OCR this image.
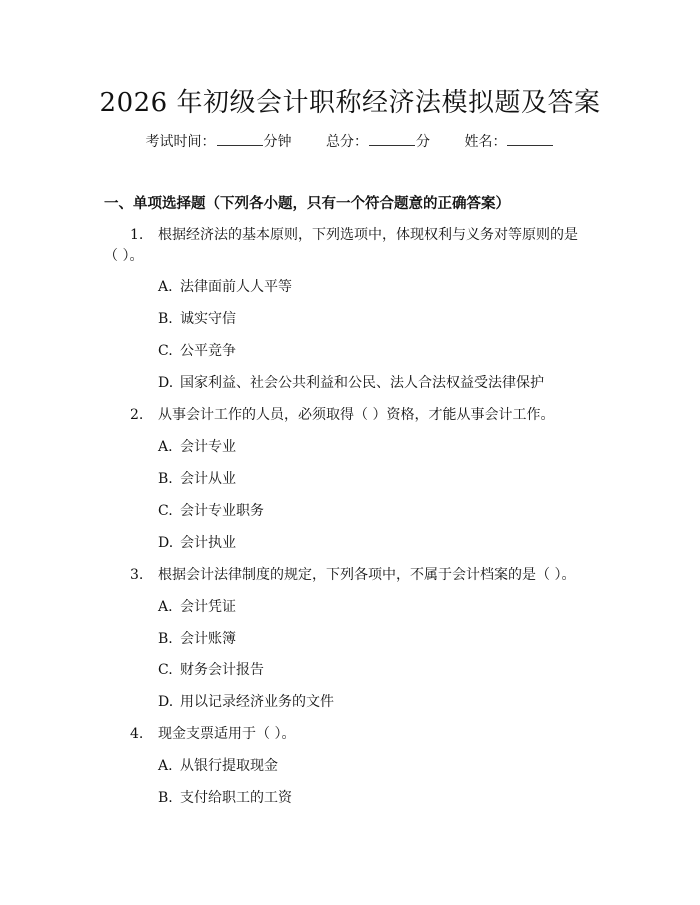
2026 年初级会计职称经济法模拟题及答案
考试时间：	分钟 总分：	分 姓名：
一、单项选择题（下列各小题，只有一个符合题意的正确答案）

1. 根据经济法的基本原则，下列选项中，体现权利与义务对等原则的是

（ ）。

A. 法律面前人人平等

B. 诚实守信

C. 公平竞争

D. 国家利益、社会公共利益和公民、法人合法权益受法律保护

2. 从事会计工作的人员，必须取得（ ）资格，才能从事会计工作。

A. 会计专业

B. 会计从业

C. 会计专业职务

D. 会计执业

3. 根据会计法律制度的规定，下列各项中，不属于会计档案的是（ ）。

A. 会计凭证

B. 会计账簿

C. 财务会计报告

D. 用以记录经济业务的文件

4. 现金支票适用于（ ）。

A. 从银行提取现金

B. 支付给职工的工资
